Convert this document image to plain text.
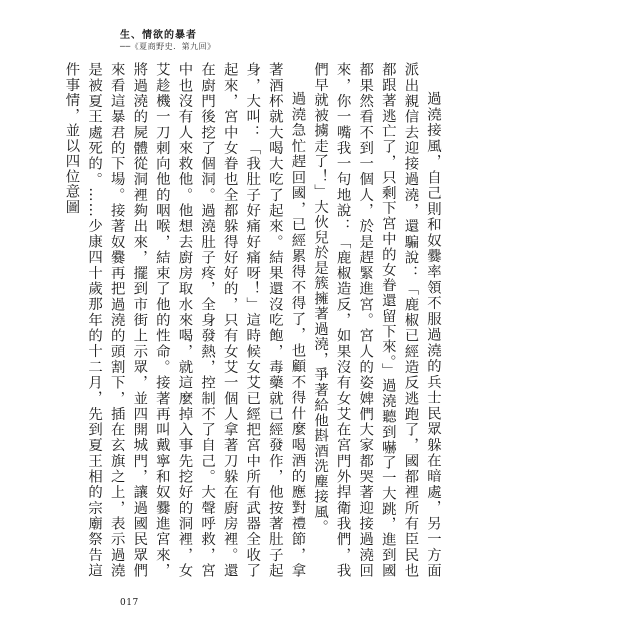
生、情欲的暴者
──《夏商野史．第九回》

過澆接風，自己則和奴爨率領不服過澆的兵士民眾躲在暗處，另一方面派出親信去迎接過澆，還騙說：「鹿椒已經造反逃跑了，國都裡所有臣民也都跟著逃亡了，只剩下宮中的女眷還留下來。」過澆聽到嚇了一大跳，進到國都果然看不到一個人，於是趕緊進宮。宮人的姿婢們大家都哭著迎接過澆回來，你一嘴我一句地說：「鹿椒造反，如果沒有女艾在宮門外捍衛我們，我們早就被擄走了！」大伙兒於是簇擁著過澆，爭著給他斟酒洗塵接風。

過澆急忙趕回國，已經累得不得了，也顧不得什麼喝酒的應對禮節，拿著酒杯就大喝大吃了起來。結果還沒吃飽，毒藥就已經發作，他按著肚子起身，大叫：「我肚子好痛好痛呀！」這時候女艾已經把宮中所有武器全收了起來，宮中女眷也全都躲得好好的，只有女艾一個人拿著刀躲在廚房裡。還在廚門後挖了個洞。過澆肚子疼，全身發熱，控制不了自己。大聲呼救，宮中也沒有人來救他。他想去廚房取水來喝，就這麼掉入事先挖好的洞裡，女艾趁機一刀刺向他的咽喉，結束了他的性命。接著再叫戴寧和奴爨進宮來，將過澆的屍體從洞裡夠出來，擺到市街上示眾，並四開城門，讓過國民眾們來看這暴君的下場。接著奴爨再把過澆的頭割下，插在玄旗之上，表示過澆是被夏王處死的。……少康四十歲那年的十二月，先到夏王相的宗廟祭告這件事情，並以四位意圖

017
